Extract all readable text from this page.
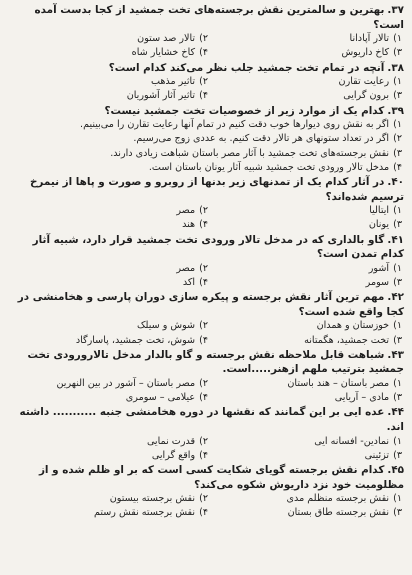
۳۷.بهترین و سالمترین نقش برجسته‌های تخت جمشید از کجا بدست آمده است؟

۱)تالار آپادانا
۲)تالار صد ستون
۳)کاخ داریوش
۴)کاخ خشایار شاه

۳۸.آنچه در تمام تخت جمشید جلب نظر می‌کند کدام است؟

۱)رعایت تقارن
۲)تاثیر مذهب
۳)برون گرایی
۴)تاثیر آثار آشوریان

۳۹.کدام یک از موارد زیر از خصوصیات تخت جمشید نیست؟

۱)اگر به نقش روی دیوارها خوب دقت کنیم در تمام آنها رعایت تقارن را می‌بینیم.
۲)اگر در تعداد ستونهای هر تالار دقت کنیم. به عددی زوج می‌رسیم.
۳)نقش برجسته‌های تخت جمشید با آثار مصر باستان شباهت زیادی دارند.
۴)مدخل تالار ورودی تخت جمشید شبیه آثار یونان باستان است.

۴۰.در آثار کدام یک از تمدنهای زیر بدنها از روبرو و صورت و پاها از نیمرخ ترسیم شده‌اند؟

۱)ایتالیا
۲)مصر
۳)یونان
۴)هند

۴۱.گاو بالداری که در مدخل تالار ورودی تخت جمشید قرار دارد، شبیه آثار کدام تمدن است؟

۱)آشور
۲)مصر
۳)سومر
۴)اکد

۴۲.مهم ترین آثار نقش برجسته و پیکره سازی دوران پارسی و هخامنشی در کجا واقع شده است؟

۱)خوزستان و همدان
۲)شوش و سیلک
۳)تخت جمشید، هگمتانه
۴)شوش، تخت جمشید، پاسارگاد

۴۳.شباهت قابل ملاحظه نقش برجسته و گاو بالدار مدخل تالارورودی تخت جمشید بترتیب ملهم ازهنر.....است.

۱)مصر باستان – هند باستان
۲)مصر باستان – آشور در بین النهرین
۳)مادی – آریایی
۴)عیلامی – سومری

۴۴.عده ایی بر این گمانند که نقشها در دوره هخامنشی جنبه ........... داشته اند.

۱)نمادین- افسانه ایی
۲)قدرت نمایی
۳)تزئینی
۴)واقع گرایی

۴۵.کدام نقش برجسته گویای شکایت کسی است که بر او ظلم شده و از مظلومیت خود نزد داریوش شکوه می‌کند؟

۱)نقش برجسته منظلم مدی
۲)نقش برجسته بیستون
۳)نقش برجسته طاق بستان
۴)نقش برجسته نقش رستم
